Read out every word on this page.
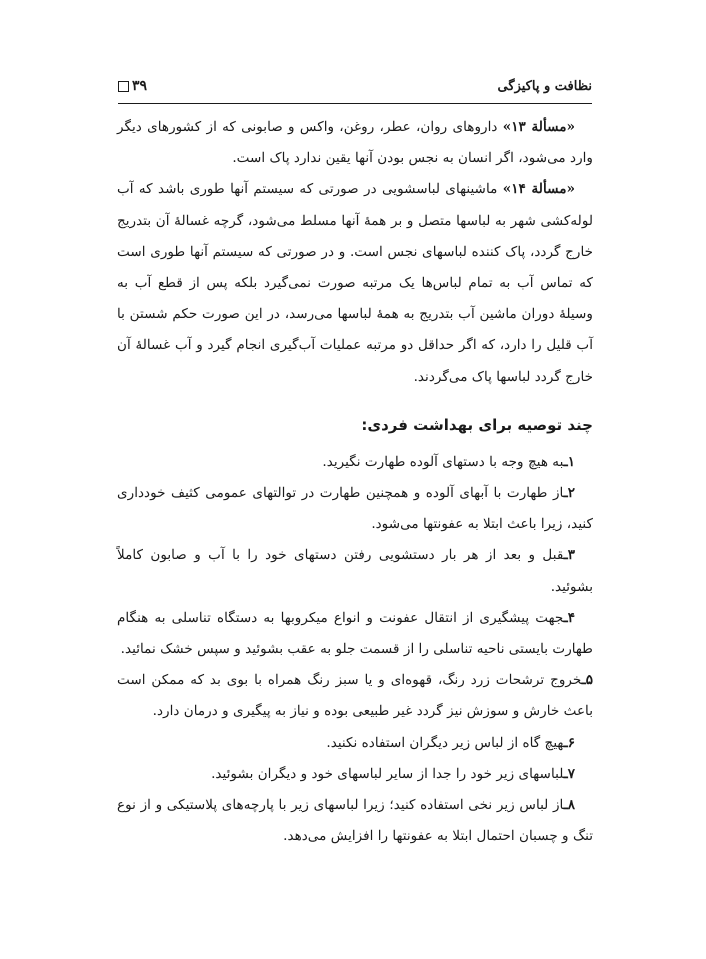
۳۹	نظافت و پاکیزگی

«مسألة ۱۳» داروهای روان، عطر، روغن، واکس و صابونی که از کشورهای دیگر وارد می‌شود، اگر انسان به نجس بودن آنها یقین ندارد پاک است.

«مسألة ۱۴» ماشینهای لباسشویی در صورتی که سیستم آنها طوری باشد که آب لوله‌کشی شهر به لباسها متصل و بر همهٔ آنها مسلط می‌شود، گرچه غسالهٔ آن بتدریج خارج گردد، پاک کننده لباسهای نجس است. و در صورتی که سیستم آنها طوری است که تماس آب به تمام لباس‌ها یک مرتبه صورت نمی‌گیرد بلکه پس از قطع آب به وسیلهٔ دوران ماشین آب بتدریج به همهٔ لباسها می‌رسد، در این صورت حکم شستن با آب قلیل را دارد، که اگر حداقل دو مرتبه عملیات آب‌گیری انجام گیرد و آب غسالهٔ آن خارج گردد لباسها پاک می‌گردند.

چند توصیه برای بهداشت فردی:

۱ـبه هیچ وجه با دستهای آلوده طهارت نگیرید.

۲ـاز طهارت با آبهای آلوده و همچنین طهارت در توالتهای عمومی کثیف خودداری کنید، زیرا باعث ابتلا به عفونتها می‌شود.

۳ـقبل و بعد از هر بار دستشویی رفتن دستهای خود را با آب و صابون کاملاً بشوئید.

۴ـجهت پیشگیری از انتقال عفونت و انواع میکروبها به دستگاه تناسلی به هنگام طهارت بایستی ناحیه تناسلی را از قسمت جلو به عقب بشوئید و سپس خشک نمائید.

۵ـخروج ترشحات زرد رنگ، قهوه‌ای و یا سبز رنگ همراه با بوی بد که ممکن است باعث خارش و سوزش نیز گردد غیر طبیعی بوده و نیاز به پیگیری و درمان دارد.

۶ـهیچ گاه از لباس زیر دیگران استفاده نکنید.

۷ـلباسهای زیر خود را جدا از سایر لباسهای خود و دیگران بشوئید.

۸ـاز لباس زیر نخی استفاده کنید؛ زیرا لباسهای زیر با پارچه‌های پلاستیکی و از نوع تنگ و چسبان احتمال ابتلا به عفونتها را افزایش می‌دهد.
